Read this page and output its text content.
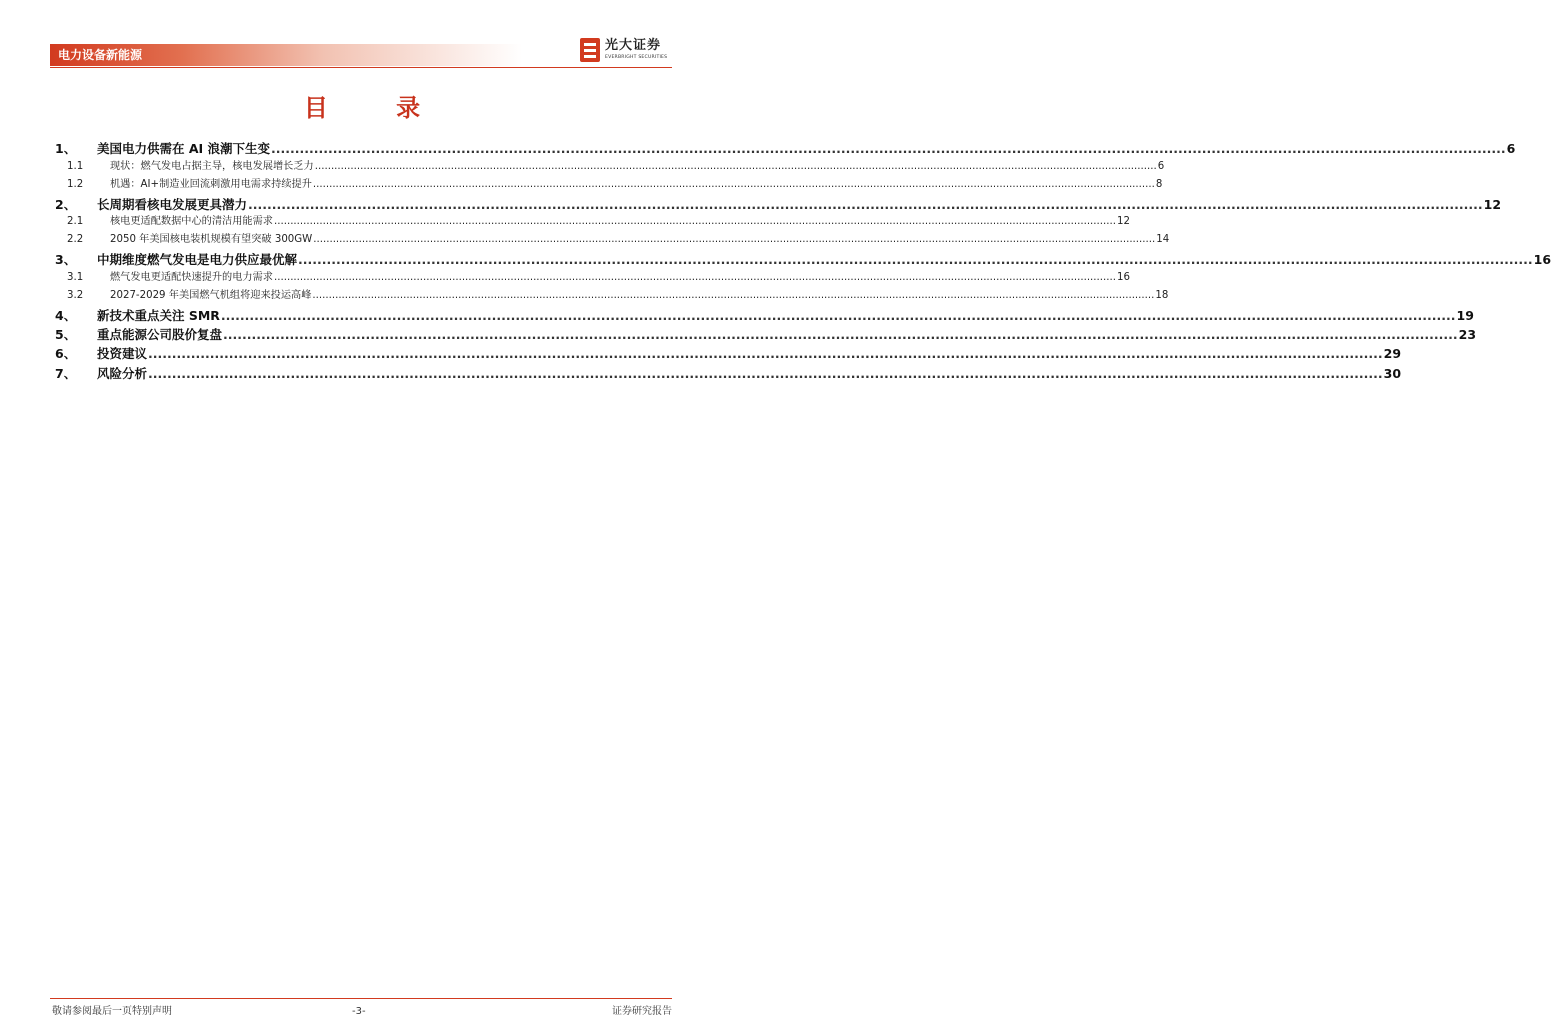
电力设备新能源
光大证券
EVERBRIGHT SECURITIES
目 录
1、 美国电力供需在 AI 浪潮下生变 .................................................................................................................................................................................................................................................................... 6
1.1	现状：燃气发电占据主导，核电发展增长乏力 .................................................................................................................................................................................................................................................................... 6
1.2	机遇：AI+制造业回流刺激用电需求持续提升 .................................................................................................................................................................................................................................................................... 8
2、 长周期看核电发展更具潜力 .................................................................................................................................................................................................................................................................... 12
2.1	核电更适配数据中心的清洁用能需求 .................................................................................................................................................................................................................................................................... 12
2.2	2050 年美国核电装机规模有望突破 300GW .................................................................................................................................................................................................................................................................... 14
3、 中期维度燃气发电是电力供应最优解 .................................................................................................................................................................................................................................................................... 16
3.1	燃气发电更适配快速提升的电力需求 .................................................................................................................................................................................................................................................................... 16
3.2	2027-2029 年美国燃气机组将迎来投运高峰 .................................................................................................................................................................................................................................................................... 18
4、 新技术重点关注 SMR .................................................................................................................................................................................................................................................................... 19
5、 重点能源公司股价复盘 .................................................................................................................................................................................................................................................................... 23
6、 投资建议 .................................................................................................................................................................................................................................................................... 29
7、 风险分析 .................................................................................................................................................................................................................................................................... 30
敬请参阅最后一页特别声明	-3-	证券研究报告
